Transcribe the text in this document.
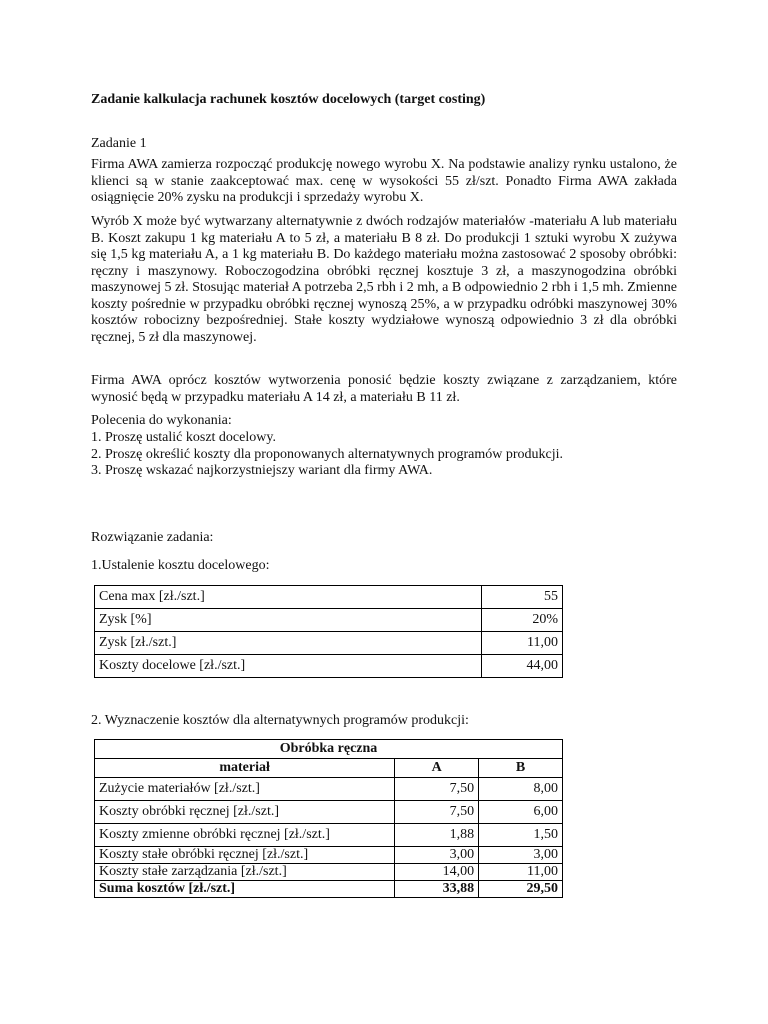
Zadanie kalkulacja rachunek kosztów docelowych (target costing)
Zadanie 1
Firma AWA zamierza rozpocząć produkcję nowego wyrobu X. Na podstawie analizy rynku ustalono, że klienci są w stanie zaakceptować max. cenę w wysokości 55 zł/szt. Ponadto Firma AWA zakłada osiągnięcie 20% zysku na produkcji i sprzedaży wyrobu X.
Wyrób X może być wytwarzany alternatywnie z dwóch rodzajów materiałów -materiału A lub materiału B. Koszt zakupu 1 kg materiału A to 5 zł, a materiału B 8 zł. Do produkcji 1 sztuki wyrobu X zużywa się 1,5 kg materiału A, a 1 kg materiału B. Do każdego materiału można zastosować 2 sposoby obróbki: ręczny i maszynowy. Roboczogodzina obróbki ręcznej kosztuje 3 zł, a maszynogodzina obróbki maszynowej 5 zł. Stosując materiał A potrzeba 2,5 rbh i 2 mh, a B odpowiednio 2 rbh i 1,5 mh. Zmienne koszty pośrednie w przypadku obróbki ręcznej wynoszą 25%, a w przypadku odróbki maszynowej 30% kosztów robocizny bezpośredniej. Stałe koszty wydziałowe wynoszą odpowiednio 3 zł dla obróbki ręcznej, 5 zł dla maszynowej.
Firma AWA oprócz kosztów wytworzenia ponosić będzie koszty związane z zarządzaniem, które wynosić będą w przypadku materiału A 14 zł, a materiału B 11 zł.
Polecenia do wykonania:
1. Proszę ustalić koszt docelowy.
2. Proszę określić koszty dla proponowanych alternatywnych programów produkcji.
3. Proszę wskazać najkorzystniejszy wariant dla firmy AWA.
Rozwiązanie zadania:
1.Ustalenie kosztu docelowego:
Cena max [zł./szt.]	55
Zysk [%]	20%
Zysk [zł./szt.]	11,00
Koszty docelowe [zł./szt.]	44,00
2. Wyznaczenie kosztów dla alternatywnych programów produkcji:
Obróbka ręczna		
materiał	A	B
Zużycie materiałów [zł./szt.]	7,50	8,00
Koszty obróbki ręcznej [zł./szt.]	7,50	6,00
Koszty zmienne obróbki ręcznej [zł./szt.]	1,88	1,50
Koszty stałe obróbki ręcznej [zł./szt.]	3,00	3,00
Koszty stałe zarządzania [zł./szt.]	14,00	11,00
Suma kosztów [zł./szt.]	33,88	29,50
